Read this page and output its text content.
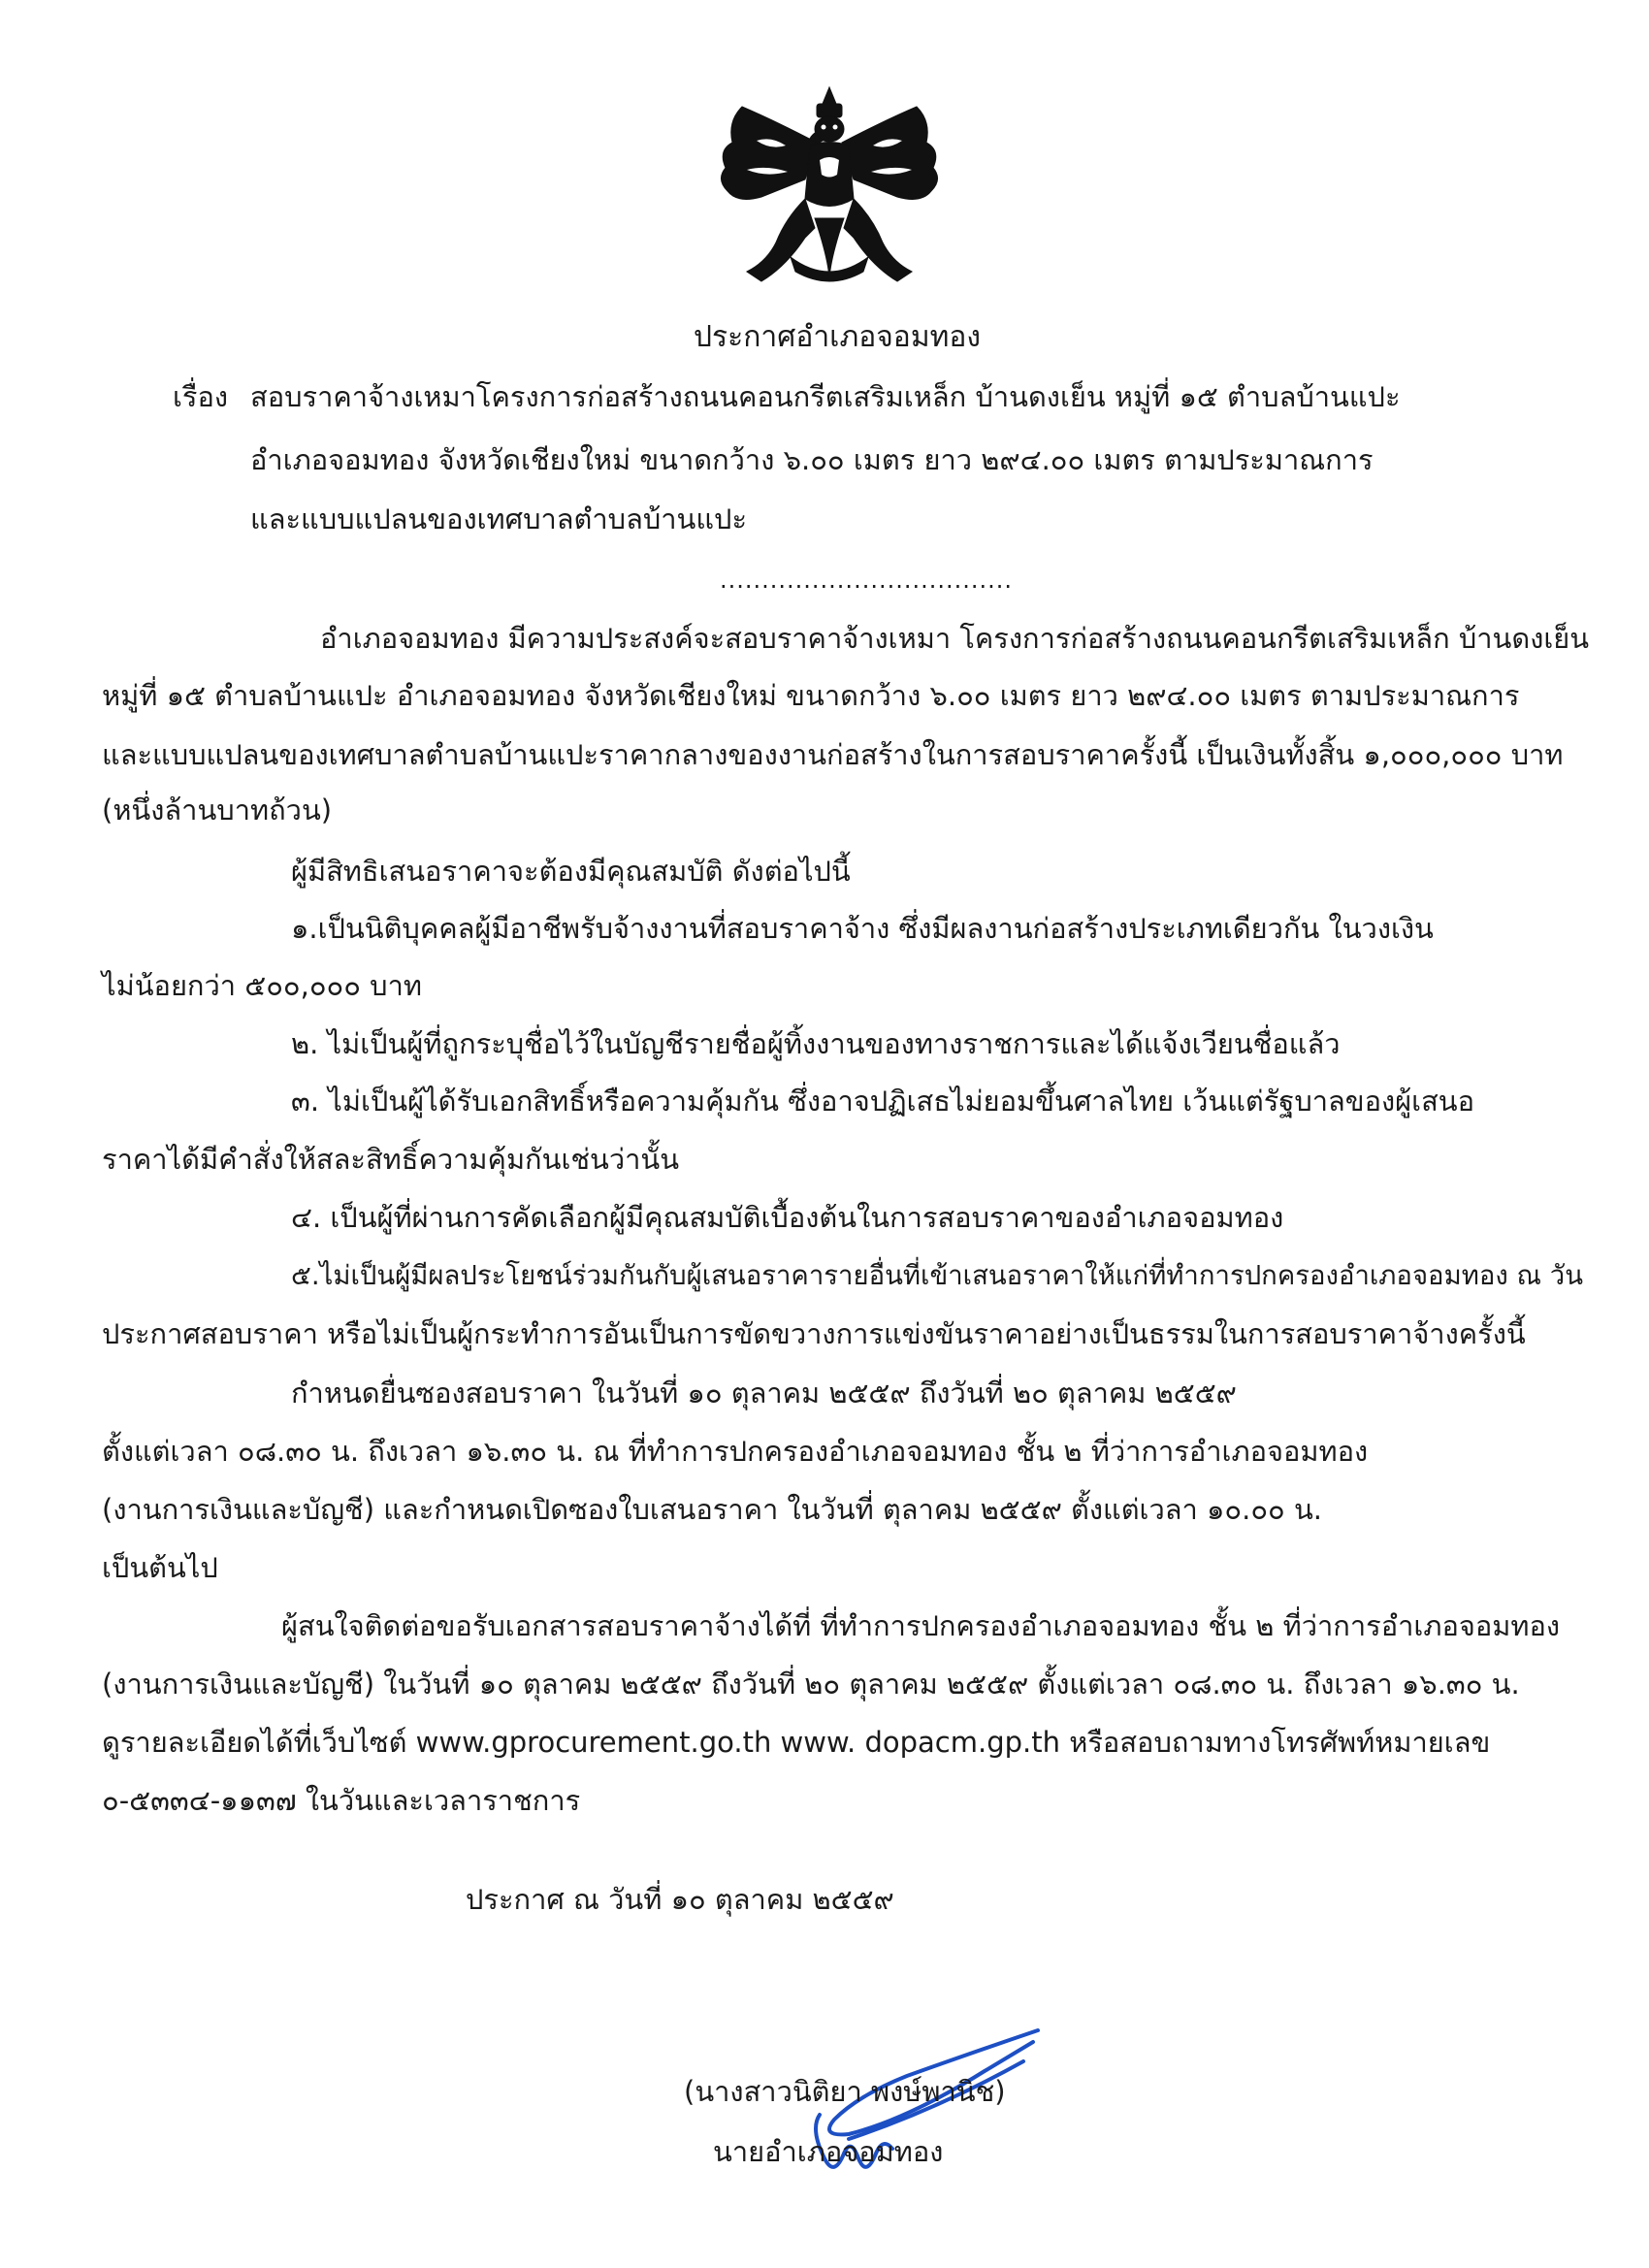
ประกาศอำเภอจอมทอง
เรื่อง สอบราคาจ้างเหมาโครงการก่อสร้างถนนคอนกรีตเสริมเหล็ก บ้านดงเย็น หมู่ที่ ๑๕ ตำบลบ้านแปะ
อำเภอจอมทอง จังหวัดเชียงใหม่ ขนาดกว้าง ๖.๐๐ เมตร ยาว ๒๙๔.๐๐ เมตร ตามประมาณการ
และแบบแปลนของเทศบาลตำบลบ้านแปะ
...................................
อำเภอจอมทอง มีความประสงค์จะสอบราคาจ้างเหมา โครงการก่อสร้างถนนคอนกรีตเสริมเหล็ก บ้านดงเย็น
หมู่ที่ ๑๕ ตำบลบ้านแปะ อำเภอจอมทอง จังหวัดเชียงใหม่ ขนาดกว้าง ๖.๐๐ เมตร ยาว ๒๙๔.๐๐ เมตร ตามประมาณการ
และแบบแปลนของเทศบาลตำบลบ้านแปะราคากลางของงานก่อสร้างในการสอบราคาครั้งนี้ เป็นเงินทั้งสิ้น ๑,๐๐๐,๐๐๐ บาท
(หนึ่งล้านบาทถ้วน)
ผู้มีสิทธิเสนอราคาจะต้องมีคุณสมบัติ ดังต่อไปนี้
๑.เป็นนิติบุคคลผู้มีอาชีพรับจ้างงานที่สอบราคาจ้าง ซึ่งมีผลงานก่อสร้างประเภทเดียวกัน ในวงเงิน
ไม่น้อยกว่า ๕๐๐,๐๐๐ บาท
๒. ไม่เป็นผู้ที่ถูกระบุชื่อไว้ในบัญชีรายชื่อผู้ทิ้งงานของทางราชการและได้แจ้งเวียนชื่อแล้ว
๓. ไม่เป็นผู้ได้รับเอกสิทธิ์หรือความคุ้มกัน ซึ่งอาจปฏิเสธไม่ยอมขึ้นศาลไทย เว้นแต่รัฐบาลของผู้เสนอ
ราคาได้มีคำสั่งให้สละสิทธิ์ความคุ้มกันเช่นว่านั้น
๔. เป็นผู้ที่ผ่านการคัดเลือกผู้มีคุณสมบัติเบื้องต้นในการสอบราคาของอำเภอจอมทอง
๕.ไม่เป็นผู้มีผลประโยชน์ร่วมกันกับผู้เสนอราคารายอื่นที่เข้าเสนอราคาให้แก่ที่ทำการปกครองอำเภอจอมทอง ณ วัน
ประกาศสอบราคา หรือไม่เป็นผู้กระทำการอันเป็นการขัดขวางการแข่งขันราคาอย่างเป็นธรรมในการสอบราคาจ้างครั้งนี้
กำหนดยื่นซองสอบราคา ในวันที่ ๑๐ ตุลาคม ๒๕๕๙ ถึงวันที่ ๒๐ ตุลาคม ๒๕๕๙
ตั้งแต่เวลา ๐๘.๓๐ น. ถึงเวลา ๑๖.๓๐ น. ณ ที่ทำการปกครองอำเภอจอมทอง ชั้น ๒ ที่ว่าการอำเภอจอมทอง
(งานการเงินและบัญชี) และกำหนดเปิดซองใบเสนอราคา ในวันที่ ตุลาคม ๒๕๕๙ ตั้งแต่เวลา ๑๐.๐๐ น.
เป็นต้นไป
ผู้สนใจติดต่อขอรับเอกสารสอบราคาจ้างได้ที่ ที่ทำการปกครองอำเภอจอมทอง ชั้น ๒ ที่ว่าการอำเภอจอมทอง
(งานการเงินและบัญชี) ในวันที่ ๑๐ ตุลาคม ๒๕๕๙ ถึงวันที่ ๒๐ ตุลาคม ๒๕๕๙ ตั้งแต่เวลา ๐๘.๓๐ น. ถึงเวลา ๑๖.๓๐ น.
ดูรายละเอียดได้ที่เว็บไซต์ www.gprocurement.go.th www. dopacm.gp.th หรือสอบถามทางโทรศัพท์หมายเลข
๐-๕๓๓๔-๑๑๓๗ ในวันและเวลาราชการ
ประกาศ ณ วันที่ ๑๐ ตุลาคม ๒๕๕๙
(นางสาวนิติยา พงษ์พานิช)
นายอำเภอจอมทอง
